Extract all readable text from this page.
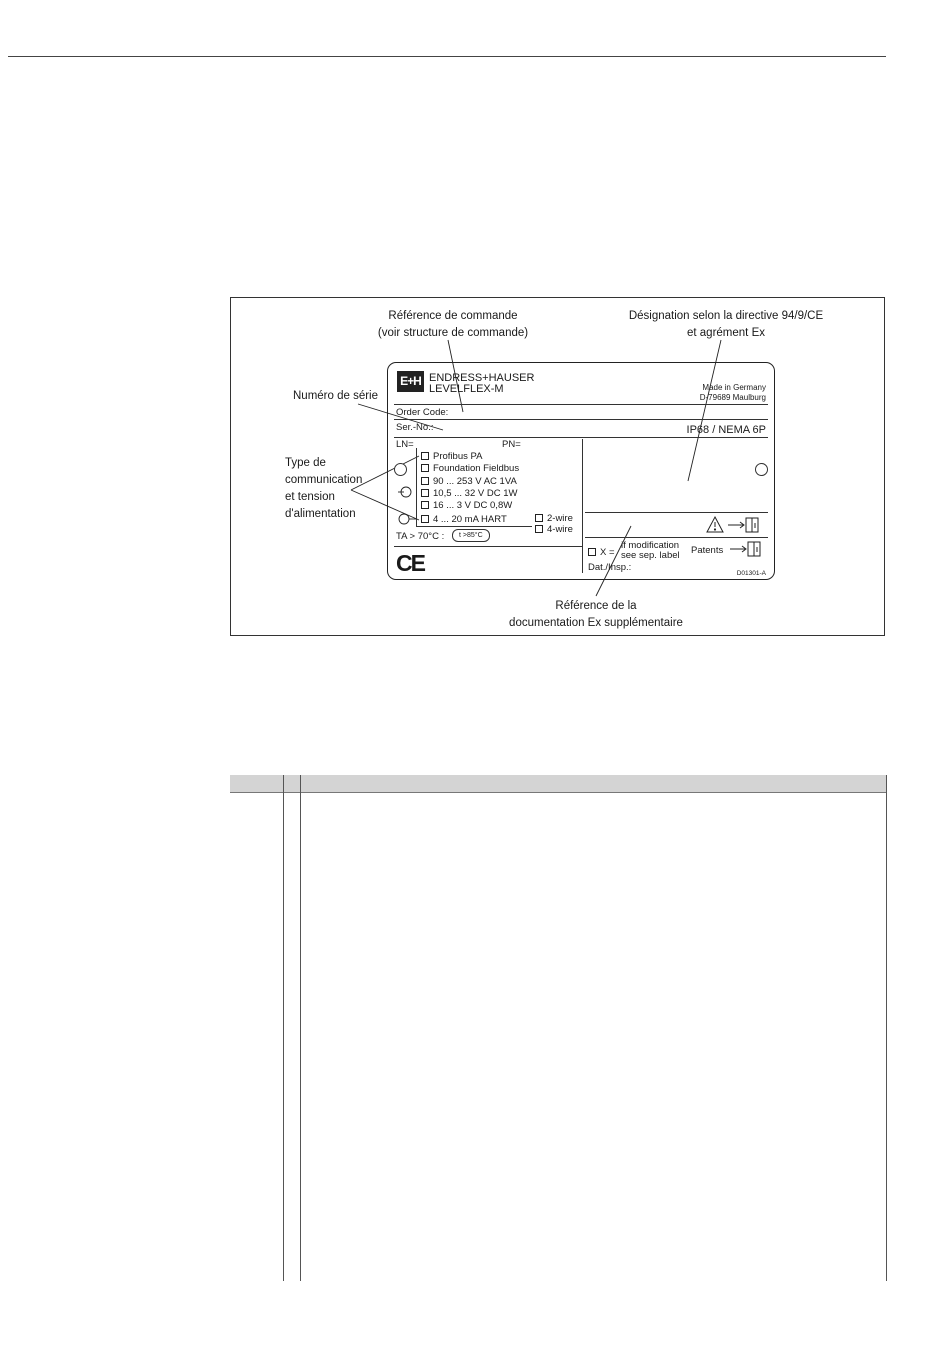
Référence de commande
(voir structure de commande)
Désignation selon la directive 94/9/CE
et agrément Ex
Numéro de série
Type de
communication
et tension
d'alimentation
Référence de la
documentation Ex supplémentaire
E+H ENDRESS+HAUSER
LEVELFLEX-M	Made in Germany
D-79689 Maulburg
Order Code:
Ser.-No.:	IP68 / NEMA 6P
LN=	PN=
Profibus PA
Foundation Fieldbus
90 ... 253 V AC 1VA
10,5 ... 32 V DC 1W
16 ... 3 V DC 0,8W
4 ... 20 mA HART	2-wire
4-wire
TA > 70°C :	t >85°C
CE	X =
if modification
see sep. label Patents
Dat./Insp.:
D01301-A
